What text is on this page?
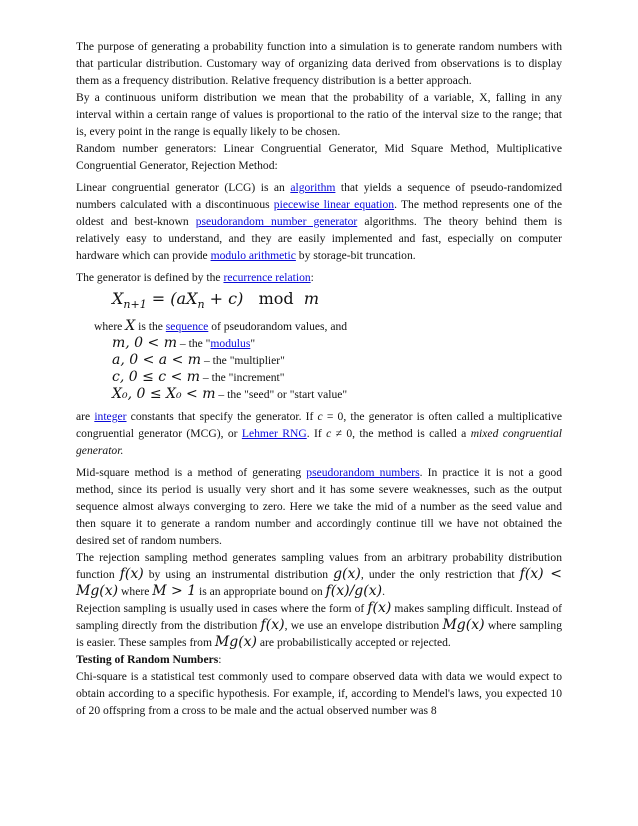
The purpose of generating a probability function into a simulation is to generate random numbers with that particular distribution. Customary way of organizing data derived from observations is to display them as a frequency distribution. Relative frequency distribution is a better approach.

By a continuous uniform distribution we mean that the probability of a variable, X, falling in any interval within a certain range of values is proportional to the ratio of the interval size to the range; that is, every point in the range is equally likely to be chosen.

Random number generators: Linear Congruential Generator, Mid Square Method, Multiplicative Congruential Generator, Rejection Method:

Linear congruential generator (LCG) is an algorithm that yields a sequence of pseudo-randomized numbers calculated with a discontinuous piecewise linear equation. The method represents one of the oldest and best-known pseudorandom number generator algorithms. The theory behind them is relatively easy to understand, and they are easily implemented and fast, especially on computer hardware which can provide modulo arithmetic by storage-bit truncation.

The generator is defined by the recurrence relation:

$X_{n+1} = (aX_n + c)$ mod m

where X is the sequence of pseudorandom values, and

m, 0 < m – the "modulus"
a, 0 < a < m – the "multiplier"
c, 0 ≤ c < m – the "increment"
X₀, 0 ≤ X₀ < m – the "seed" or "start value"

are integer constants that specify the generator. If c = 0, the generator is often called a multiplicative congruential generator (MCG), or Lehmer RNG. If c ≠ 0, the method is called a mixed congruential generator.

Mid-square method is a method of generating pseudorandom numbers. In practice it is not a good method, since its period is usually very short and it has some severe weaknesses, such as the output sequence almost always converging to zero. Here we take the mid of a number as the seed value and then square it to generate a random number and accordingly continue till we have not obtained the desired set of random numbers.

The rejection sampling method generates sampling values from an arbitrary probability distribution function f(x) by using an instrumental distribution g(x), under the only restriction that f(x) < Mg(x) where M > 1 is an appropriate bound on f(x)/g(x).

Rejection sampling is usually used in cases where the form of f(x) makes sampling difficult. Instead of sampling directly from the distribution f(x), we use an envelope distribution Mg(x) where sampling is easier. These samples from Mg(x) are probabilistically accepted or rejected.

Testing of Random Numbers:

Chi-square is a statistical test commonly used to compare observed data with data we would expect to obtain according to a specific hypothesis. For example, if, according to Mendel's laws, you expected 10 of 20 offspring from a cross to be male and the actual observed number was 8
